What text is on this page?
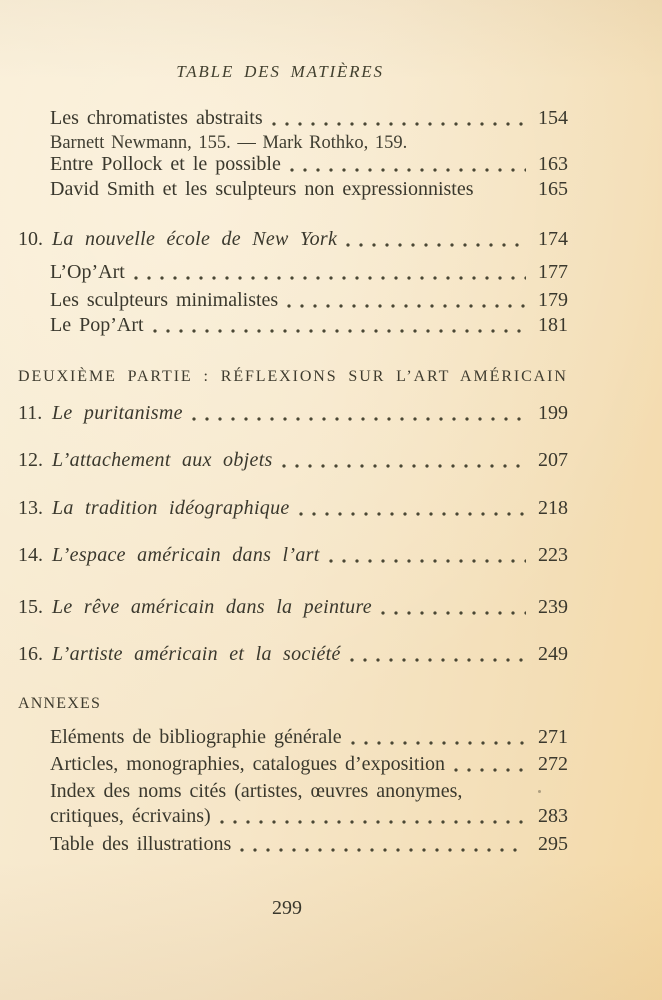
TABLE DES MATIÈRES
Les chromatistes abstraits	154
Barnett Newmann, 155. — Mark Rothko, 159.
Entre Pollock et le possible	163
David Smith et les sculpteurs non expressionnistes	165
10. La nouvelle école de New York	174
L’Op’Art	177
Les sculpteurs minimalistes	179
Le Pop’Art	181
DEUXIÈME PARTIE : RÉFLEXIONS SUR L’ART AMÉRICAIN
11. Le puritanisme	199
12. L’attachement aux objets	207
13. La tradition idéographique	218
14. L’espace américain dans l’art	223
15. Le rêve américain dans la peinture	239
16. L’artiste américain et la société	249
ANNEXES
Eléments de bibliographie générale	271
Articles, monographies, catalogues d’exposition	272
Index des noms cités (artistes, œuvres anonymes,
critiques, écrivains)	283
Table des illustrations	295
299
